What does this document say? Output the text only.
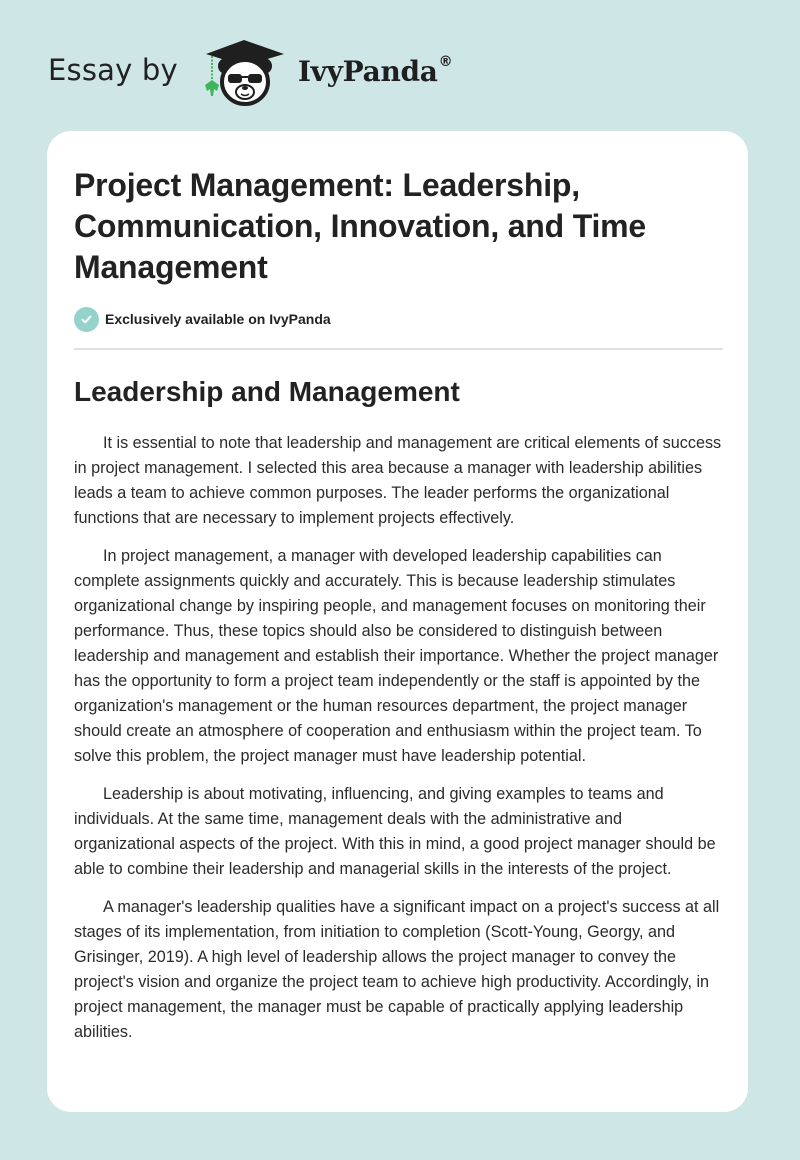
Essay by	IvyPanda®
Project Management: Leadership, Communication, Innovation, and Time Management
Exclusively available on IvyPanda
Leadership and Management

It is essential to note that leadership and management are critical elements of success in project management. I selected this area because a manager with leadership abilities leads a team to achieve common purposes. The leader performs the organizational functions that are necessary to implement projects effectively.

In project management, a manager with developed leadership capabilities can complete assignments quickly and accurately. This is because leadership stimulates organizational change by inspiring people, and management focuses on monitoring their performance. Thus, these topics should also be considered to distinguish between leadership and management and establish their importance. Whether the project manager has the opportunity to form a project team independently or the staff is appointed by the organization's management or the human resources department, the project manager should create an atmosphere of cooperation and enthusiasm within the project team. To solve this problem, the project manager must have leadership potential.

Leadership is about motivating, influencing, and giving examples to teams and individuals. At the same time, management deals with the administrative and organizational aspects of the project. With this in mind, a good project manager should be able to combine their leadership and managerial skills in the interests of the project.

A manager's leadership qualities have a significant impact on a project's success at all stages of its implementation, from initiation to completion (Scott-Young, Georgy, and Grisinger, 2019). A high level of leadership allows the project manager to convey the project's vision and organize the project team to achieve high productivity. Accordingly, in project management, the manager must be capable of practically applying leadership abilities.
